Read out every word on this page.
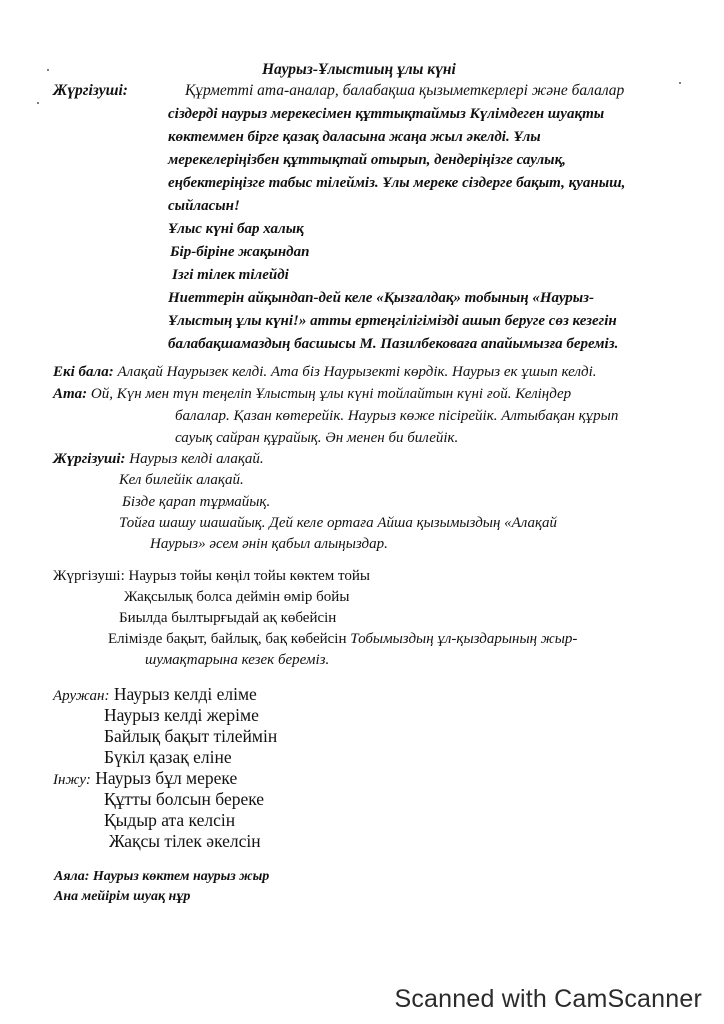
Наурыз-Ұлыстиың ұлы күні
Жүргізуші:	Құрметті ата-аналар, балабақша қызыметкерлері және балалар
сіздерді наурыз мерекесімен құттықтаймыз Күлімдеген шуақты
көктеммен бірге қазақ даласына жаңа жыл әкелді. Ұлы
мерекелеріңізбен құттықтай отырып, дендеріңізге саулық,
еңбектеріңізге табыс тілейміз. Ұлы мереке сіздерге бақыт, қуаныш,
сыйласын!
Ұлыс күні бар халық
Бір-біріне жақындап
Ізгі тілек тілейді
Ниеттерін айқындап-дей келе «Қызғалдақ» тобының «Наурыз-
Ұлыстың ұлы күні!» атты ертеңгілігімізді ашып беруге сөз кезегін
балабақшамаздың басшысы М. Пазилбековаға апайымызға береміз.
Екі бала: Алақай Наурызек келді. Ата біз Наурызекті көрдік. Наурыз ек ұшып келді.
Ата: Ой, Күн мен түн теңеліп Ұлыстың ұлы күні тойлайтын күні ғой. Келіңдер
балалар. Қазан көтерейік. Наурыз көже пісірейік. Алтыбақан құрып
сауық сайран құрайық. Ән менен би билейік.
Жүргізуші: Наурыз келді алақай.
Кел билейік алақай.
Бізде қарап тұрмайық.
Тойға шашу шашайық. Дей келе ортаға Айша қызымыздың «Алақай
Наурыз» әсем әнін қабыл алыңыздар.
Жүргізуші: Наурыз тойы көңіл тойы көктем тойы
Жақсылық болса деймін өмір бойы
Биылда былтырғыдай ақ көбейсін
Елімізде бақыт, байлық, бақ көбейсін Тобымыздың ұл-қыздарының жыр-
шумақтарына кезек береміз.
Аружан: Наурыз келді еліме
Наурыз келді жеріме
Байлық бақыт тілеймін
Бүкіл қазақ еліне
Інжу: Наурыз бұл мереке
Құтты болсын береке
Қыдыр ата келсін
Жақсы тілек әкелсін
Аяла: Наурыз көктем наурыз жыр
Ана мейірім шуақ нұр
Scanned with CamScanner
